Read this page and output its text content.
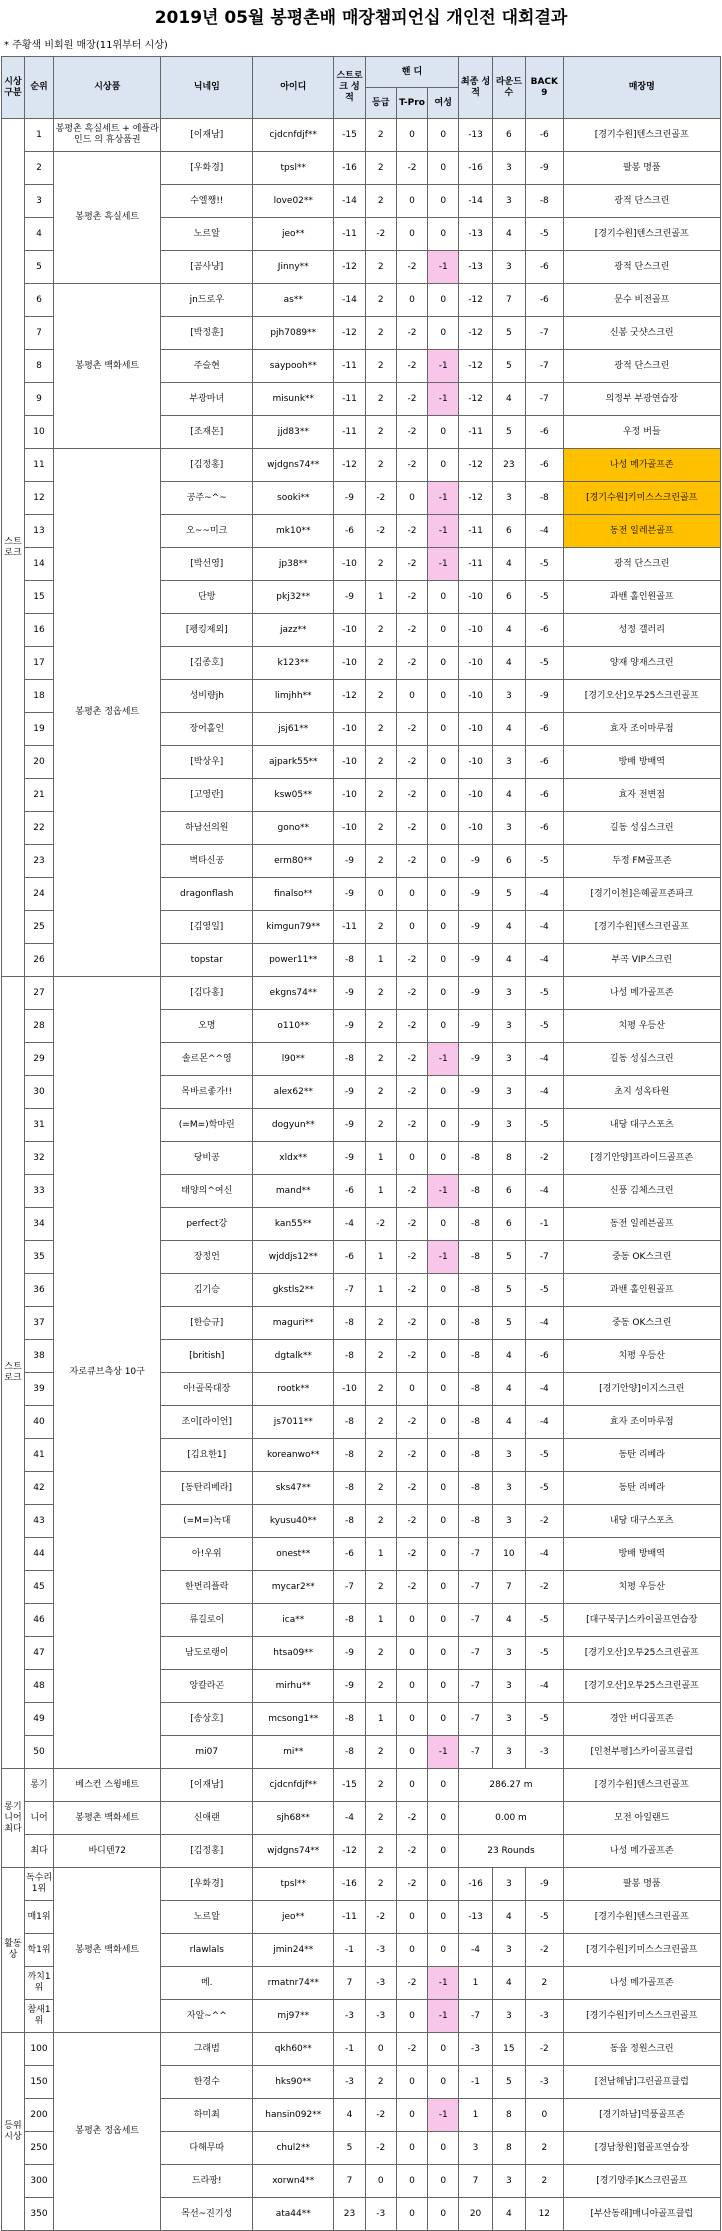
2019년 05월 봉평촌배 매장챔피언십 개인전 대회결과
* 주황색 비회원 매장(11위부터 시상)
시상구분	순위	시상품	닉네임	아이디	스트로크 성적	핸 디			최종 성적	라운드 수	BACK 9	매장명
						등급	T-Pro	여성				
스트로크	1	봉평촌 흑실세트 + 에플라인드 의 휴상품권	[이재남]	cjdcnfdjf**	-15	2	0	0	-13	6	-6	[경기수원]텐스크린골프
	2	봉평촌 흑실세트	[우화경]	tpsl**	-16	2	-2	0	-16	3	-9	팔봉 명품
	3		수엘쨍!!	love02**	-14	2	0	0	-14	3	-8	광적 단스크린
	4		노르알	jeo**	-11	-2	0	0	-13	4	-5	[경기수원]텐스크린골프
	5		[곰사냥]	Jinny**	-12	2	-2	-1	-13	3	-6	광적 단스크린
	6	봉평촌 백화세트	jn드로우	as**	-14	2	0	0	-12	7	-6	문수 비전골프
	7		[박정훈]	pjh7089**	-12	2	-2	0	-12	5	-7	신봉 굿샷스크린
	8		주슬현	saypooh**	-11	2	-2	-1	-12	5	-7	광적 단스크린
	9		부광마녀	misunk**	-11	2	-2	-1	-12	4	-7	의정부 부광연습장
	10		[조재돈]	jjd83**	-11	2	-2	0	-11	5	-6	우정 버들
	11	봉평촌 정옵세트	[김정홍]	wjdgns74**	-12	2	-2	0	-12	23	-6	나성 메가골프존
	12		공주~^~	sooki**	-9	-2	0	-1	-12	3	-8	[경기수원]키미스스크린골프
	13		오~~미크	mk10**	-6	-2	-2	-1	-11	6	-4	동전 일레븐골프
	14		[박선영]	jp38**	-10	2	-2	-1	-11	4	-5	광적 단스크린
	15		단방	pkj32**	-9	1	-2	0	-10	6	-5	과밴 홀인원골프
	16		[펭킹제외]	jazz**	-10	2	-2	0	-10	4	-6	성정 갤러리
	17		[김종호]	k123**	-10	2	-2	0	-10	4	-5	양재 양재스크린
	18		성비량jh	limjhh**	-12	2	0	0	-10	3	-9	[경기오산]오투25스크린골프
	19		장어홀인	jsj61**	-10	2	-2	0	-10	4	-6	효자 조이마루점
	20		[박상우]	ajpark55**	-10	2	-2	0	-10	3	-6	방배 방배역
	21		[고영란]	ksw05**	-10	2	-2	0	-10	4	-6	효자 전변점
	22		하남선의원	gono**	-10	2	-2	0	-10	3	-6	길동 성심스크린
	23		벽타신공	erm80**	-9	2	-2	0	-9	6	-5	두정 FM골프존
	24		dragonflash	finalso**	-9	0	0	0	-9	5	-4	[경기이천]은혜골프존파크
	25		[김영일]	kimgun79**	-11	2	0	0	-9	4	-4	[경기수원]텐스크린골프
	26		topstar	power11**	-8	1	-2	0	-9	4	-4	부곡 VIP스크린
스트로크	27	자로큐브측상 10구	[김다홍]	ekgns74**	-9	2	-2	0	-9	3	-5	나성 메가골프존
	28		오명	o110**	-9	2	-2	0	-9	3	-5	치평 우등산
	29		솔르몬^^영	l90**	-8	2	-2	-1	-9	3	-4	길동 성심스크린
	30		목바르좋가!!	alex62**	-9	2	-2	0	-9	3	-4	초지 성옥타원
	31		(=M=)학마린	dogyun**	-9	2	-2	0	-9	3	-5	내당 대구스포츠
	32		당비공	xldx**	-9	1	0	0	-8	8	-2	[경기안양]프라이드골프존
	33		태양의^여신	mand**	-6	1	-2	-1	-8	6	-4	신풍 김체스크린
	34		perfect강	kan55**	-4	-2	-2	0	-8	6	-1	동전 일레븐골프
	35		장정언	wjddjs12**	-6	1	-2	-1	-8	5	-7	중동 OK스크린
	36		김기승	gkstls2**	-7	1	-2	0	-8	5	-5	과밴 홀인원골프
	37		[한승규]	maguri**	-8	2	-2	0	-8	5	-4	중동 OK스크린
	38		[british]	dgtalk**	-8	2	-2	0	-8	4	-6	치평 우등산
	39		아!골목대장	rootk**	-10	2	0	0	-8	4	-4	[경기안양]이지스크린
	40		조이[라이언]	js7011**	-8	2	-2	0	-8	4	-4	효자 조이마루점
	41		[김요한1]	koreanwo**	-8	2	-2	0	-8	3	-5	동탄 리베라
	42		[동탄리베라]	sks47**	-8	2	-2	0	-8	3	-5	동탄 리베라
	43		(=M=)녹대	kyusu40**	-8	2	-2	0	-8	3	-2	내당 대구스포츠
	44		아!우위	onest**	-6	1	-2	0	-7	10	-4	방배 방배역
	45		한번리플락	mycar2**	-7	2	-2	0	-7	7	-2	치평 우등산
	46		류길로이	ica**	-8	1	0	0	-7	4	-5	[대구북구]스카이골프연습장
	47		남도로랭이	htsa09**	-9	2	0	0	-7	3	-5	[경기오산]오투25스크린골프
	48		앙칼라곤	mirhu**	-9	2	0	0	-7	3	-4	[경기오산]오투25스크린골프
	49		[송상호]	mcsong1**	-8	1	0	0	-7	3	-5	경안 버디골프존
	50		mi07	mi**	-8	2	0	-1	-7	3	-3	[인천부평]스카이골프클럽
롱기 니어 최다	롱기	베스컨 스윙배트	[이재남]	cjdcnfdjf**	-15	2	0	0	286.27 m			[경기수원]텐스크린골프
	니어	봉평촌 백화세트	신애랜	sjh68**	-4	2	-2	0	0.00 m			모전 아일랜드
	최다	바디텐72	[김정홍]	wjdgns74**	-12	2	-2	0	23 Rounds			나성 메가골프존
활동상	독수리1위	봉평촌 백화세트	[우화경]	tpsl**	-16	2	-2	0	-16	3	-9	팔봉 명품
	매1위		노르알	jeo**	-11	-2	0	0	-13	4	-5	[경기수원]텐스크린골프
	학1위		rlawlals	jmin24**	-1	-3	0	0	-4	3	-2	[경기수원]키미스스크린골프
	까치1위		메.	rmatnr74**	7	-3	-2	-1	1	4	2	나성 메가골프존
	참새1위		자알~^^	mj97**	-3	-3	0	-1	-7	3	-3	[경기수원]키미스스크린골프
등위 시상	100	봉평촌 정옵세트	그래범	qkh60**	-1	0	-2	0	-3	15	-2	동읍 정원스크린
	150		한경수	hks90**	-3	2	0	0	-1	5	-3	[전남해남]그린골프클럽
	200		하미최	hansin092**	4	-2	0	-1	1	8	0	[경기하남]덕풍골프존
	250		다해무따	chul2**	5	-2	0	0	3	8	2	[경남창원]협골프연습장
	300		드라팡!	xorwn4**	7	0	0	0	7	3	2	[경기양주]K스크린골프
	350		목선~진기성	ata44**	23	-3	0	0	20	4	12	[부산동래]매니아골프클럽
